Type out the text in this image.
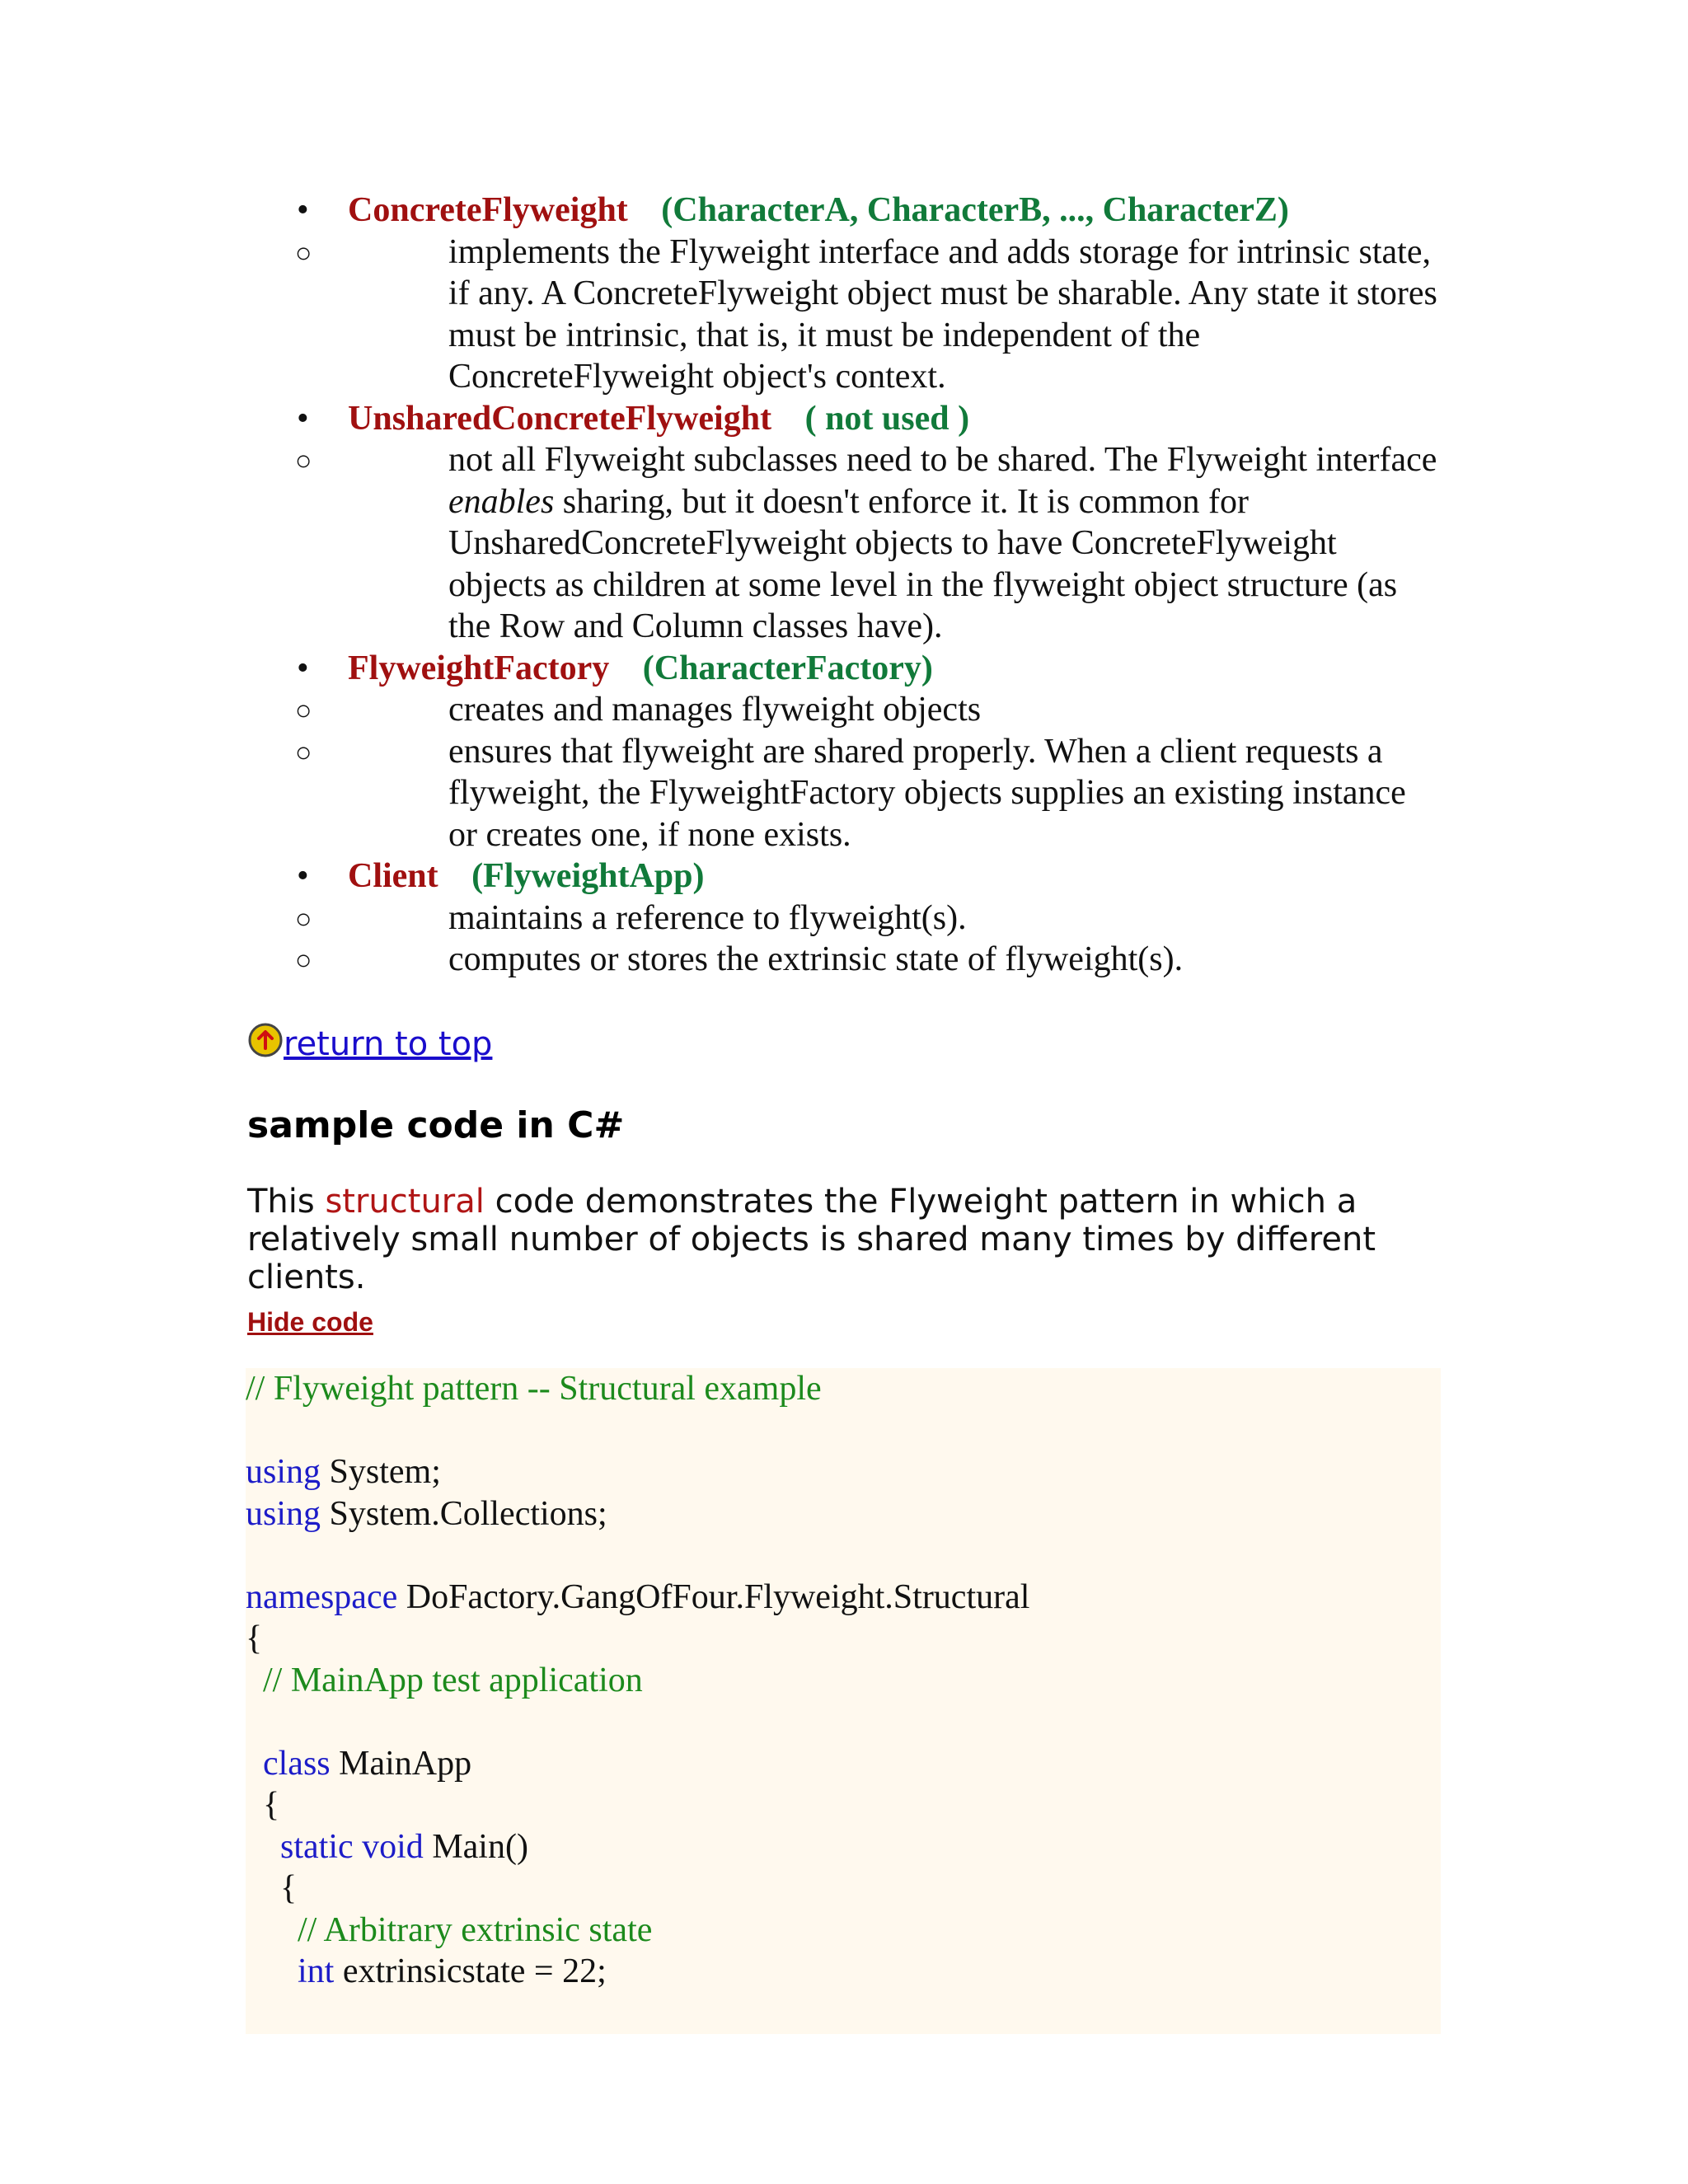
• ConcreteFlyweight (CharacterA, CharacterB, ..., CharacterZ)
○	implements the Flyweight interface and adds storage for intrinsic state, if any. A ConcreteFlyweight object must be sharable. Any state it stores must be intrinsic, that is, it must be independent of the ConcreteFlyweight object's context.
• UnsharedConcreteFlyweight ( not used )
○	not all Flyweight subclasses need to be shared. The Flyweight interface enables sharing, but it doesn't enforce it. It is common for UnsharedConcreteFlyweight objects to have ConcreteFlyweight objects as children at some level in the flyweight object structure (as the Row and Column classes have).
• FlyweightFactory (CharacterFactory)
○	creates and manages flyweight objects
○	ensures that flyweight are shared properly. When a client requests a flyweight, the FlyweightFactory objects supplies an existing instance or creates one, if none exists.
• Client (FlyweightApp)
○	maintains a reference to flyweight(s).
○	computes or stores the extrinsic state of flyweight(s).
return to top
sample code in C#
This structural code demonstrates the Flyweight pattern in which a relatively small number of objects is shared many times by different clients.
Hide code
// Flyweight pattern -- Structural example
using System;
using System.Collections;
namespace DoFactory.GangOfFour.Flyweight.Structural
{
// MainApp test application
class MainApp
{
static void Main()
{
// Arbitrary extrinsic state
int extrinsicstate = 22;
